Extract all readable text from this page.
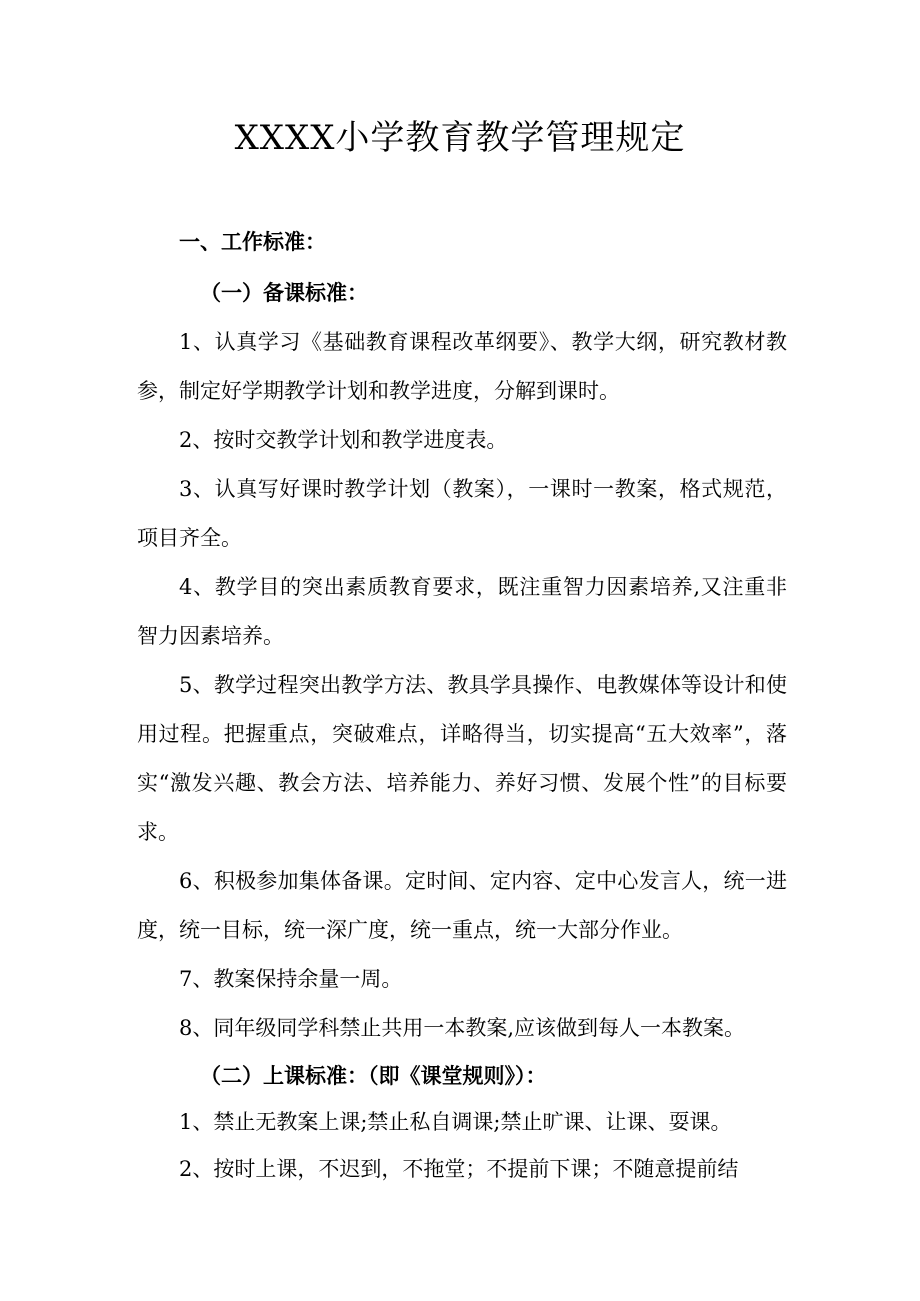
XXXX小学教育教学管理规定

一、工作标准：

（一）备课标准：

1、认真学习《基础教育课程改革纲要》、教学大纲，研究教材教参，制定好学期教学计划和教学进度，分解到课时。

2、按时交教学计划和教学进度表。

3、认真写好课时教学计划（教案），一课时一教案，格式规范，项目齐全。

4、教学目的突出素质教育要求，既注重智力因素培养,又注重非智力因素培养。

5、教学过程突出教学方法、教具学具操作、电教媒体等设计和使用过程。把握重点，突破难点，详略得当，切实提高“五大效率”，落实“激发兴趣、教会方法、培养能力、养好习惯、发展个性”的目标要求。

6、积极参加集体备课。定时间、定内容、定中心发言人，统一进度，统一目标，统一深广度，统一重点，统一大部分作业。

7、教案保持余量一周。

8、同年级同学科禁止共用一本教案,应该做到每人一本教案。

（二）上课标准：（即《课堂规则》）：

1、禁止无教案上课;禁止私自调课;禁止旷课、让课、耍课。

2、按时上课，不迟到，不拖堂；不提前下课；不随意提前结
